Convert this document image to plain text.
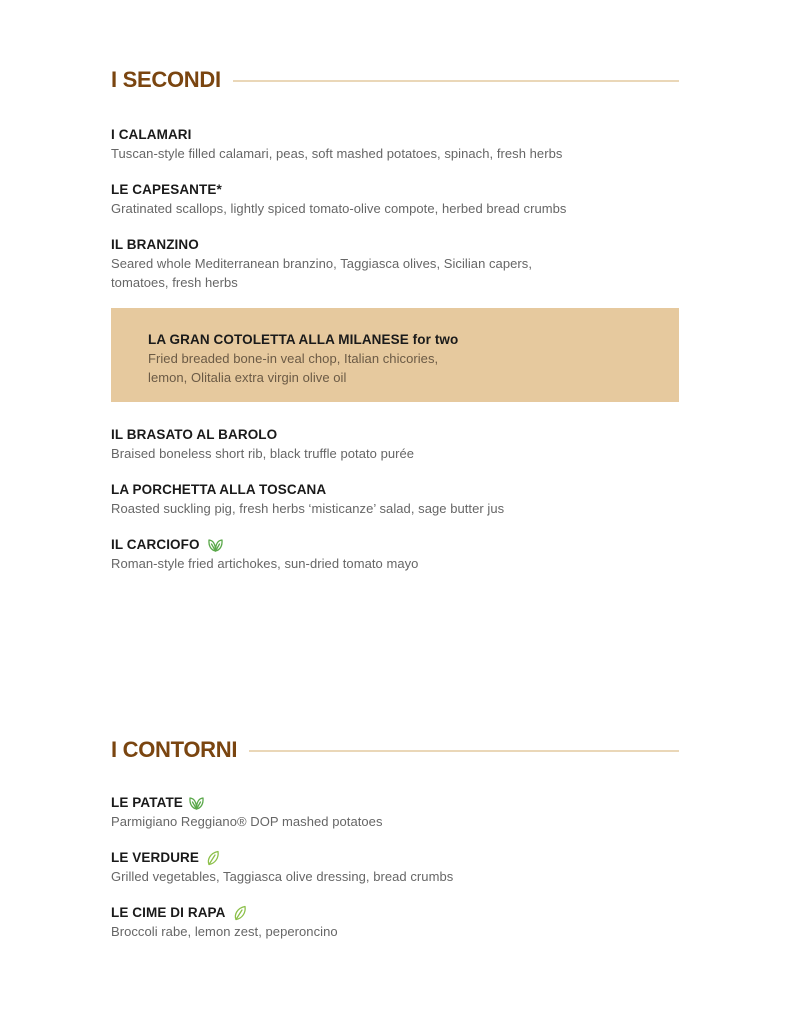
I SECONDI
I CALAMARI
Tuscan-style filled calamari, peas, soft mashed potatoes, spinach, fresh herbs
LE CAPESANTE*
Gratinated scallops, lightly spiced tomato-olive compote, herbed bread crumbs
IL BRANZINO
Seared whole Mediterranean branzino, Taggiasca olives, Sicilian capers,
tomatoes, fresh herbs
LA GRAN COTOLETTA ALLA MILANESE for two
Fried breaded bone-in veal chop, Italian chicories,
lemon, Olitalia extra virgin olive oil
IL BRASATO AL BAROLO
Braised boneless short rib, black truffle potato purée
LA PORCHETTA ALLA TOSCANA
Roasted suckling pig, fresh herbs ‘misticanze’ salad, sage butter jus
IL CARCIOFO
Roman-style fried artichokes, sun-dried tomato mayo
I CONTORNI
LE PATATE
Parmigiano Reggiano® DOP mashed potatoes
LE VERDURE
Grilled vegetables, Taggiasca olive dressing, bread crumbs
LE CIME DI RAPA
Broccoli rabe, lemon zest, peperoncino
